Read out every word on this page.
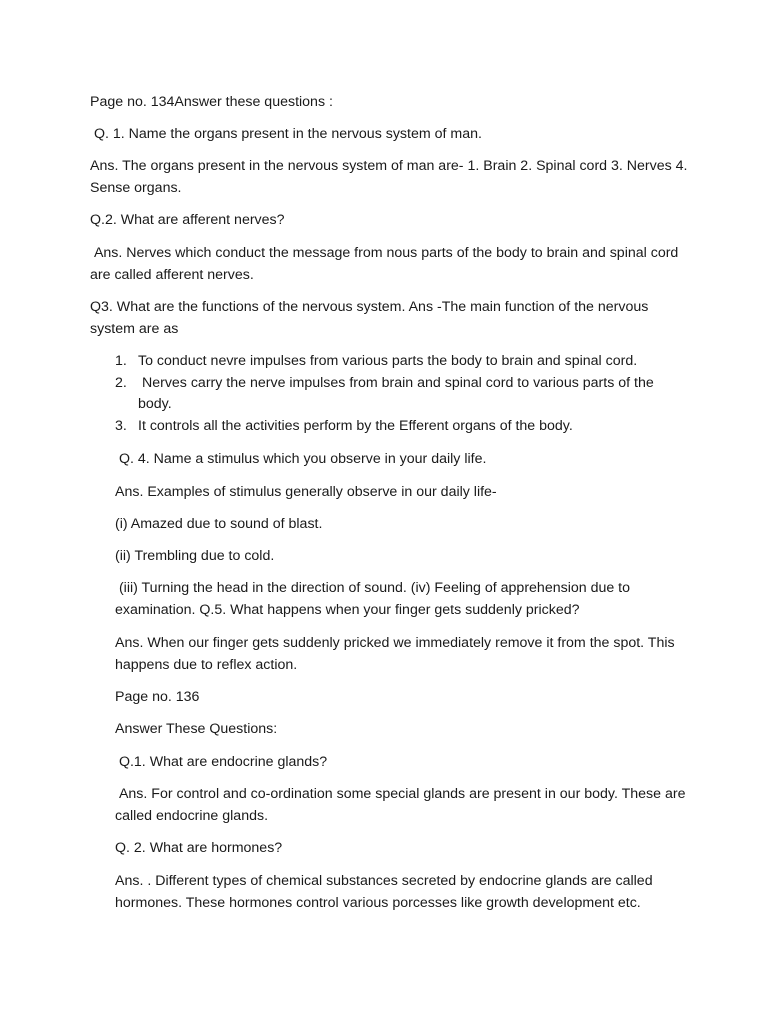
Page no. 134Answer these questions :

Q. 1. Name the organs present in the nervous system of man.

Ans. The organs present in the nervous system of man are- 1. Brain 2. Spinal cord 3. Nerves 4. Sense organs.

Q.2. What are afferent nerves?

Ans. Nerves which conduct the message from nous parts of the body to brain and spinal cord are called afferent nerves.

Q3. What are the functions of the nervous system. Ans -The main function of the nervous system are as

1. To conduct nevre impulses from various parts the body to brain and spinal cord.
2. Nerves carry the nerve impulses from brain and spinal cord to various parts of the body.
3. It controls all the activities perform by the Efferent organs of the body.

Q. 4. Name a stimulus which you observe in your daily life.

Ans. Examples of stimulus generally observe in our daily life-

(i) Amazed due to sound of blast.

(ii) Trembling due to cold.

(iii) Turning the head in the direction of sound. (iv) Feeling of apprehension due to examination. Q.5. What happens when your finger gets suddenly pricked?

Ans. When our finger gets suddenly pricked we immediately remove it from the spot. This happens due to reflex action.

Page no. 136

Answer These Questions:

Q.1. What are endocrine glands?

Ans. For control and co-ordination some special glands are present in our body. These are called endocrine glands.

Q. 2. What are hormones?

Ans. . Different types of chemical substances secreted by endocrine glands are called hormones. These hormones control various porcesses like growth development etc.
